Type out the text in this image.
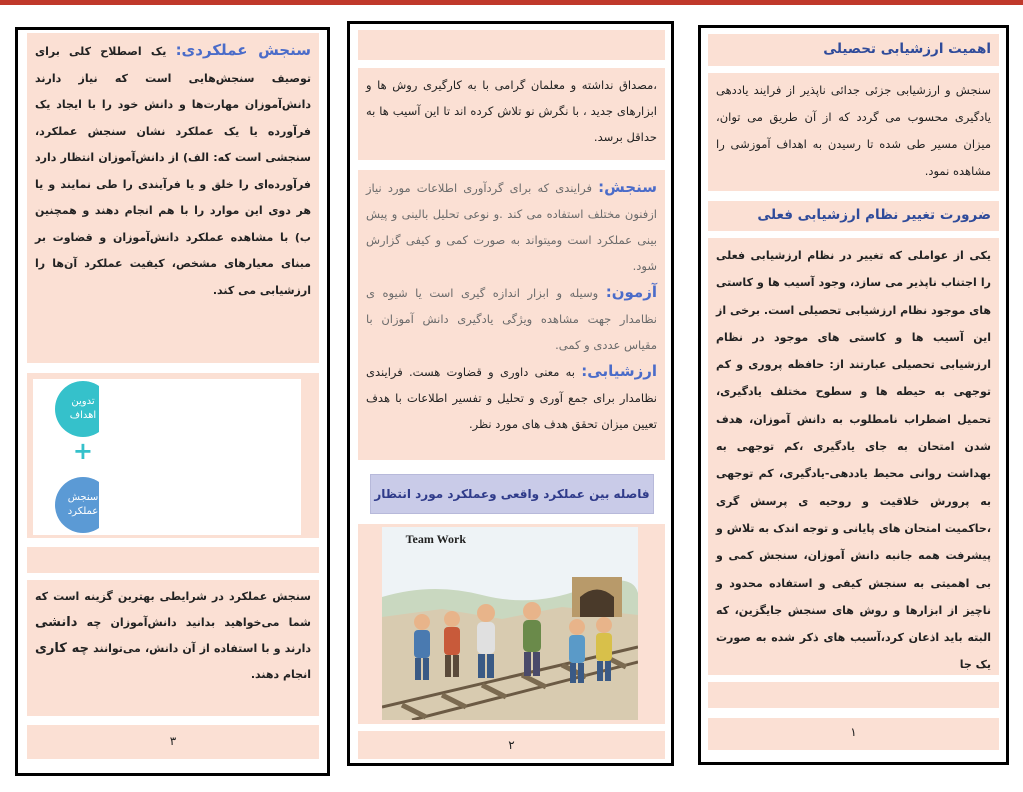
سنجش عملکردی: یک اصطلاح کلی برای توصیف سنجش‌هایی است که نیاز دارند دانش‌آموزان مهارت‌ها و دانش خود را با ایجاد یک فرآورده یا یک عملکرد نشان سنجش عملکرد، سنجشی است که: الف) از دانش‌آموزان انتظار دارد فرآورده‌ای را خلق و یا فرآیندی را طی نمایند و یا هر دوی این موارد را با هم انجام دهند و همچنین ب) با مشاهده عملکرد دانش‌آموزان و قضاوت بر مبنای معیارهای مشخص، کیفیت عملکرد آن‌ها را ارزشیابی می کند.
تدوین اهداف
+
سنجش عملکرد
سنجش عملکرد در شرایطی بهترین گزینه است که شما می‌خواهید بدانید دانش‌آموزان چه دانشی دارند و با استفاده از آن دانش، می‌توانند چه کاری انجام دهند.
۳
،مصداق نداشته و معلمان گرامی با به کارگیری روش ها و ابزارهای جدید ، با نگرش نو تلاش کرده اند تا این آسیب ها به حداقل برسد.
سنجش: فرایندی که برای گردآوری اطلاعات مورد نیاز ازفنون مختلف استفاده می کند .و نوعی تحلیل بالینی و پیش بینی عملکرد است ومیتواند به صورت کمی و کیفی گزارش شود.
آزمون: وسیله و ابزار اندازه گیری است یا شیوه ی نظامدار جهت مشاهده ویژگی یادگیری دانش آموزان با مقیاس عددی و کمی.
ارزشیابی: به معنی داوری و قضاوت هست. فرایندی نظامدار برای جمع آوری و تحلیل و تفسیر اطلاعات با هدف تعیین میزان تحقق هدف های مورد نظر.
فاصله بین عملکرد واقعی وعملکرد مورد انتظار
Team Work
۲
اهمیت ارزشیابی تحصیلی
سنجش و ارزشیابی جزئی جدائی ناپذیر از فرایند یاددهی یادگیری محسوب می گردد که از آن طریق می توان، میزان مسیر طی شده تا رسیدن به اهداف آموزشی را مشاهده نمود.
ضرورت تغییر نظام ارزشیابی فعلی
یکی از عواملی که تغییر در نظام ارزشیابی فعلی را اجتناب ناپذیر می سازد، وجود آسیب ها و کاستی های موجود نظام ارزشیابی تحصیلی است. برخی از این آسیب ها و کاستی های موجود در نظام ارزشیابی تحصیلی عبارتند از: حافظه پروری و کم توجهی به حیطه ها و سطوح مختلف یادگیری، تحمیل اضطراب نامطلوب به دانش آموزان، هدف شدن امتحان به جای یادگیری ،کم توجهی به بهداشت روانی محیط یاددهی-یادگیری، کم توجهی به پرورش خلاقیت و روحیه ی پرسش گری ،حاکمیت امتحان های پایانی و توجه اندک به تلاش و پیشرفت همه جانبه دانش آموزان، سنجش کمی و بی اهمیتی به سنجش کیفی و استفاده محدود و ناچیز از ابزارها و روش های سنجش جایگزین، که البته باید اذعان کرد،آسیب های ذکر شده به صورت یک جا
۱
